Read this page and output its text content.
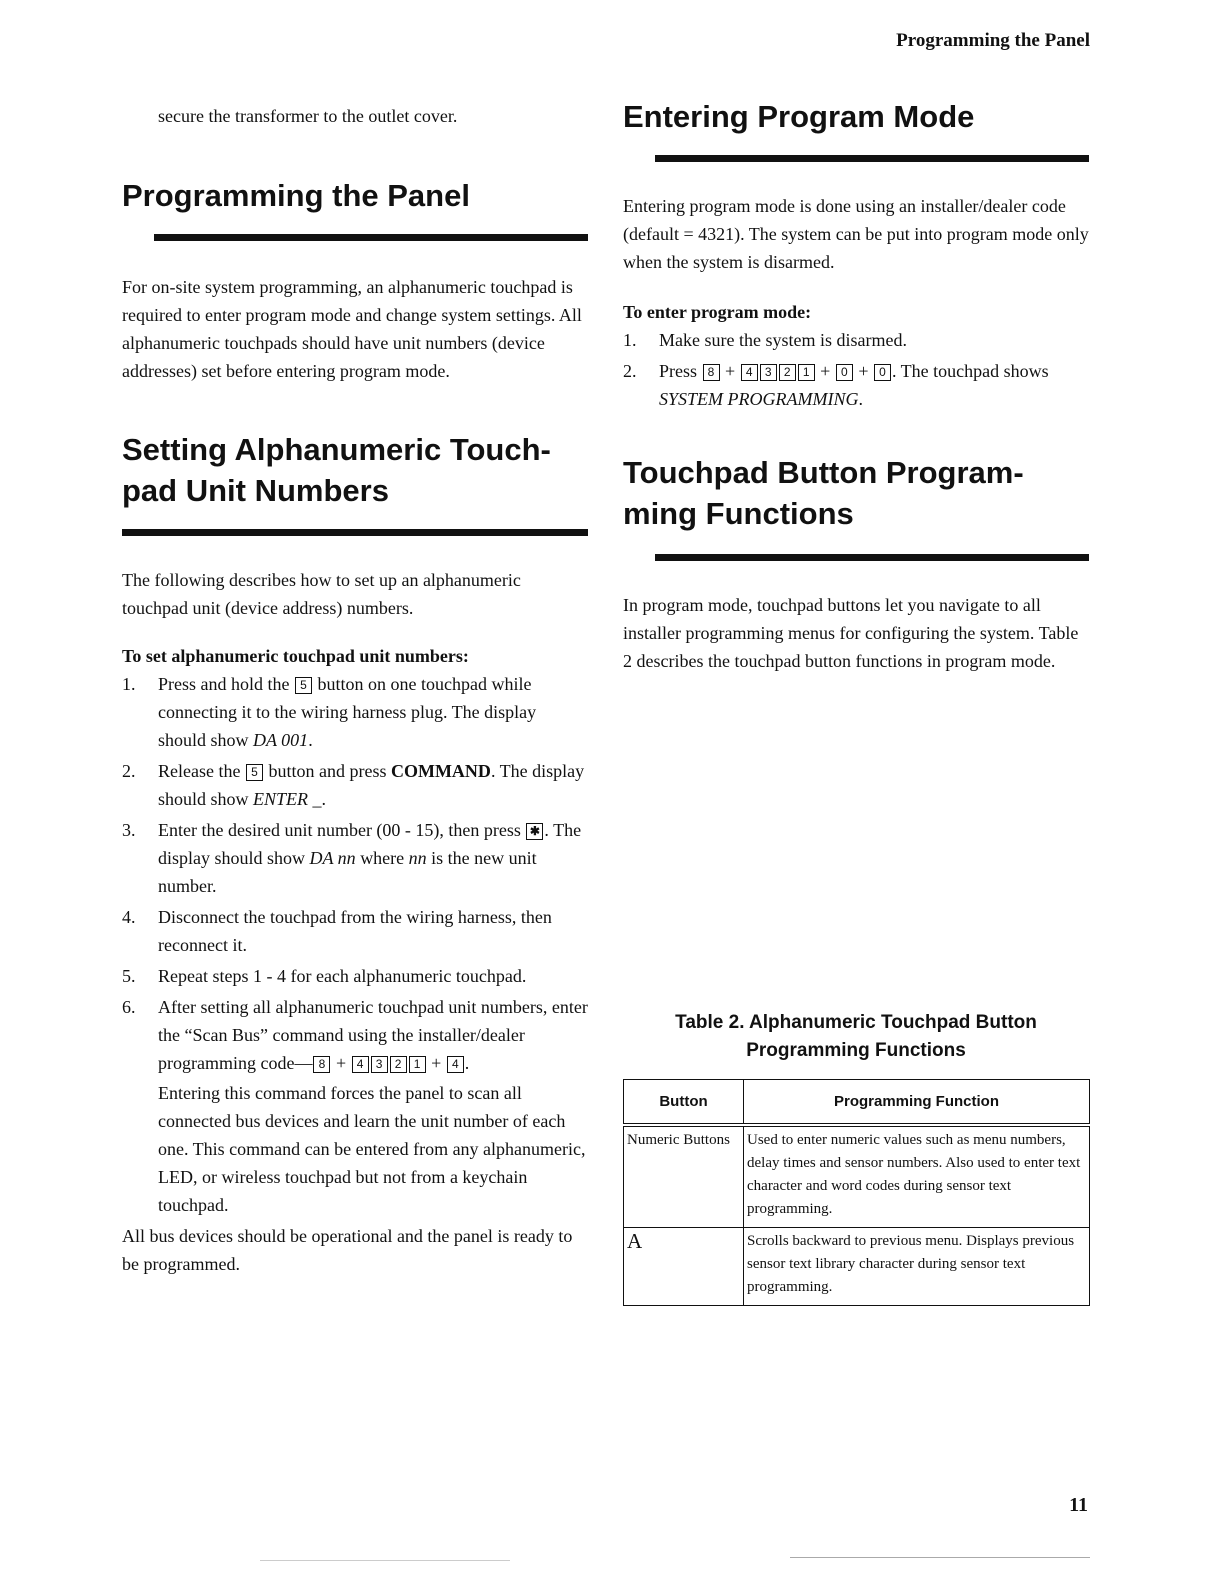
Programming the Panel

secure the transformer to the outlet cover.

Programming the Panel

For on-site system programming, an alphanumeric touchpad is required to enter program mode and change system settings. All alphanumeric touchpads should have unit numbers (device addresses) set before entering program mode.

Setting Alphanumeric Touch-
pad Unit Numbers

The following describes how to set up an alphanumeric touchpad unit (device address) numbers.

To set alphanumeric touchpad unit numbers:

1. Press and hold the 5 button on one touchpad while connecting it to the wiring harness plug. The display should show DA 001.
2. Release the 5 button and press COMMAND. The display should show ENTER _.
3. Enter the desired unit number (00 - 15), then press ✱ . The display should show DA nn where nn is the new unit number.
4. Disconnect the touchpad from the wiring harness, then reconnect it.
5. Repeat steps 1 - 4 for each alphanumeric touchpad.
6. After setting all alphanumeric touchpad unit numbers, enter the “Scan Bus” command using the installer/dealer programming code— 8 + 4 3 2 1 + 4 .
Entering this command forces the panel to scan all connected bus devices and learn the unit number of each one. This command can be entered from any alphanumeric, LED, or wireless touchpad but not from a keychain touchpad.

All bus devices should be operational and the panel is ready to be programmed.

Entering Program Mode

Entering program mode is done using an installer/dealer code (default = 4321). The system can be put into program mode only when the system is disarmed.

To enter program mode:

1. Make sure the system is disarmed.
2. Press 8 + 4 3 2 1 + 0 + 0 . The touchpad shows SYSTEM PROGRAMMING.
Touchpad Button Program-
ming Functions

In program mode, touchpad buttons let you navigate to all installer programming menus for configuring the system. Table 2 describes the touchpad button functions in program mode.

Table 2. Alphanumeric Touchpad Button
Programming Functions

Button	Programming Function
Numeric Buttons	Used to enter numeric values such as menu numbers, delay times and sensor numbers. Also used to enter text character and word codes during sensor text programming.
A	Scrolls backward to previous menu. Displays previous sensor text library character during sensor text programming.
11
